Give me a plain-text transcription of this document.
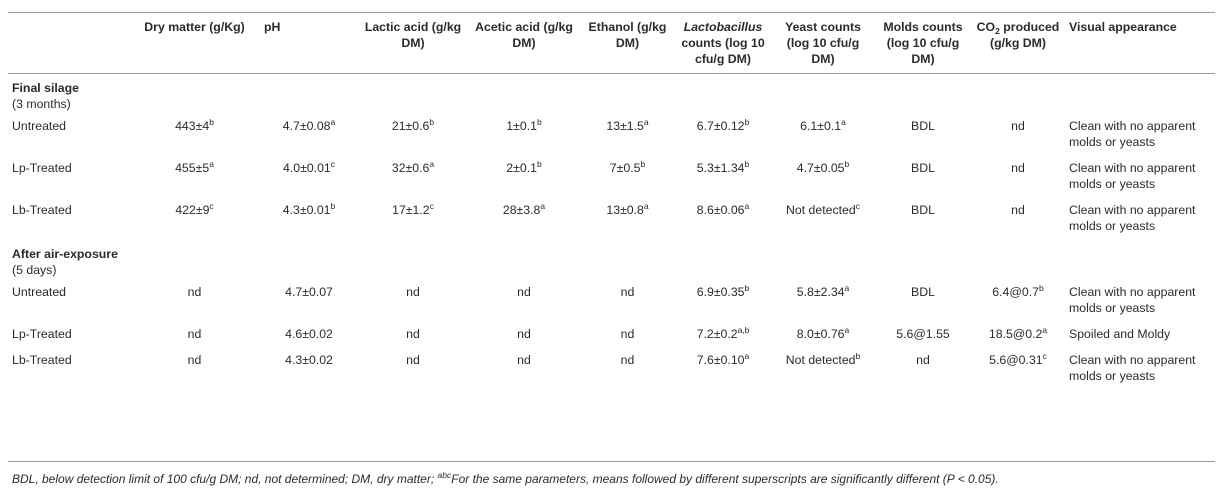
	Dry matter (g/Kg)	pH	Lactic acid (g/kg DM)	Acetic acid (g/kg DM)	Ethanol (g/kg DM)	Lactobacillus counts (log 10 cfu/g DM)	Yeast counts (log 10 cfu/g DM)	Molds counts (log 10 cfu/g DM)	$CO_2$ produced (g/kg DM)	Visual appearance
Final silage										
(3 months)										
Untreated	$443\pm 4^b$	4.7±0.08$^a$	21±0.6$^b$	1±0.1$^b$	13±1.5$^a$	6.7±0.12$^b$	6.1±0.1$^a$	BDL	nd	Clean with no apparent molds or yeasts
Lp-Treated	$455\pm 5^a$	4.0±0.01$^c$	32±0.6$^a$	2±0.1$^b$	7±0.5$^b$	5.3±1.34$^b$	4.7±0.05$^b$	BDL	nd	Clean with no apparent molds or yeasts
Lb-Treated	$422\pm 9^c$	4.3±0.01$^b$	17±1.2$^c$	28±3.8$^a$	13±0.8$^a$	8.6±0.06$^a$	Not detected$^c$	BDL	nd	Clean with no apparent molds or yeasts
After air-exposure										
(5 days)										
Untreated	nd	4.7±0.07	nd	nd	nd	6.9±0.35$^b$	5.8±2.34$^a$	BDL	6.4@0.7$^b$	Clean with no apparent molds or yeasts
Lp-Treated	nd	4.6±0.02	nd	nd	nd	$7.2\pm 0.2^{a,b}$	8.0±0.76$^a$	5.6@1.55	18.5@0.2$^a$	Spoiled and Moldy
Lb-Treated	nd	4.3±0.02	nd	nd	nd	7.6±0.10$^a$	Not detected$^b$	nd	5.6@0.31$^c$	Clean with no apparent molds or yeasts
BDL, below detection limit of 100 cfu/g DM; nd, not determined; DM, dry matter; $^{abc}$For the same parameters, means followed by different superscripts are significantly different (P < 0.05).
